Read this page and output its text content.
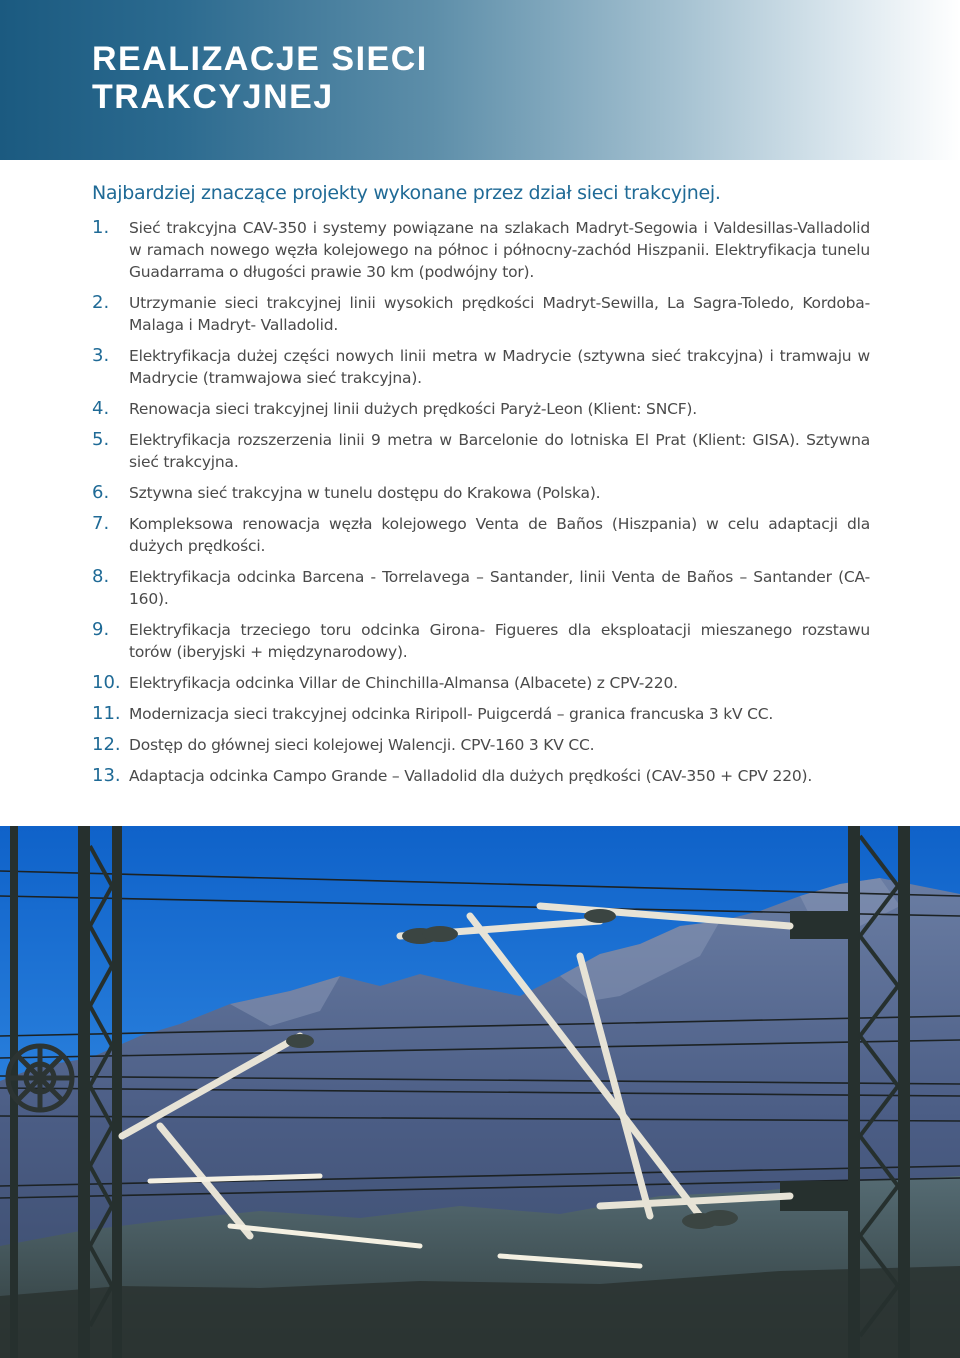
REALIZACJE SIECI
TRAKCYJNEJ

Najbardziej znaczące projekty wykonane przez dział sieci trakcyjnej.

1. Sieć trakcyjna CAV-350 i systemy powiązane na szlakach Madryt-Segowia i Valdesillas-Valladolid w ramach nowego węzła kolejowego na północ i północny-zachód Hiszpanii. Elektryfikacja tunelu Guadarrama o długości prawie 30 km (podwójny tor).
2. Utrzymanie sieci trakcyjnej linii wysokich prędkości Madryt-Sewilla, La Sagra-Toledo, Kordoba-Malaga i Madryt- Valladolid.
3. Elektryfikacja dużej części nowych linii metra w Madrycie (sztywna sieć trakcyjna) i tramwaju w Madrycie (tramwajowa sieć trakcyjna).
4. Renowacja sieci trakcyjnej linii dużych prędkości Paryż-Leon (Klient: SNCF).
5. Elektryfikacja rozszerzenia linii 9 metra w Barcelonie do lotniska El Prat (Klient: GISA). Sztywna sieć trakcyjna.
6. Sztywna sieć trakcyjna w tunelu dostępu do Krakowa (Polska).
7. Kompleksowa renowacja węzła kolejowego Venta de Baños (Hiszpania) w celu adaptacji dla dużych prędkości.
8. Elektryfikacja odcinka Barcena - Torrelavega – Santander, linii Venta de Baños – Santander (CA-160).
9. Elektryfikacja trzeciego toru odcinka Girona- Figueres dla eksploatacji mieszanego rozstawu torów (iberyjski + międzynarodowy).
10. Elektryfikacja odcinka Villar de Chinchilla-Almansa (Albacete) z CPV-220.
11. Modernizacja sieci trakcyjnej odcinka Riripoll- Puigcerdá – granica francuska 3 kV CC.
12. Dostęp do głównej sieci kolejowej Walencji. CPV-160 3 KV CC.
13. Adaptacja odcinka Campo Grande – Valladolid dla dużych prędkości (CAV-350 + CPV 220).
